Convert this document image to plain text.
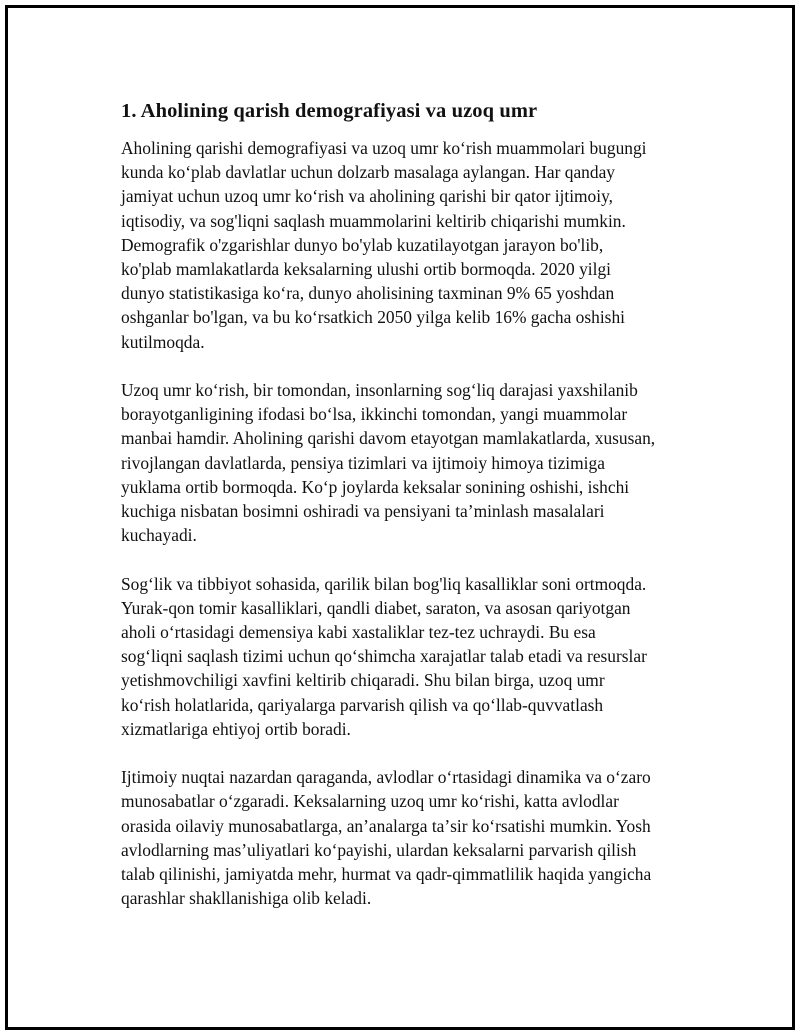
1. Aholining qarish demografiyasi va uzoq umr
Aholining qarishi demografiyasi va uzoq umr koʻrish muammolari bugungi
kunda koʻplab davlatlar uchun dolzarb masalaga aylangan. Har qanday
jamiyat uchun uzoq umr koʻrish va aholining qarishi bir qator ijtimoiy,
iqtisodiy, va sog'liqni saqlash muammolarini keltirib chiqarishi mumkin.
Demografik o'zgarishlar dunyo bo'ylab kuzatilayotgan jarayon bo'lib,
ko'plab mamlakatlarda keksalarning ulushi ortib bormoqda. 2020 yilgi
dunyo statistikasiga koʻra, dunyo aholisining taxminan 9% 65 yoshdan
oshganlar bo'lgan, va bu koʻrsatkich 2050 yilga kelib 16% gacha oshishi
kutilmoqda.
Uzoq umr koʻrish, bir tomondan, insonlarning sogʻliq darajasi yaxshilanib
borayotganligining ifodasi boʻlsa, ikkinchi tomondan, yangi muammolar
manbai hamdir. Aholining qarishi davom etayotgan mamlakatlarda, xususan,
rivojlangan davlatlarda, pensiya tizimlari va ijtimoiy himoya tizimiga
yuklama ortib bormoqda. Koʻp joylarda keksalar sonining oshishi, ishchi
kuchiga nisbatan bosimni oshiradi va pensiyani taʼminlash masalalari
kuchayadi.
Sogʻlik va tibbiyot sohasida, qarilik bilan bog'liq kasalliklar soni ortmoqda.
Yurak-qon tomir kasalliklari, qandli diabet, saraton, va asosan qariyotgan
aholi oʻrtasidagi demensiya kabi xastaliklar tez-tez uchraydi. Bu esa
sogʻliqni saqlash tizimi uchun qoʻshimcha xarajatlar talab etadi va resurslar
yetishmovchiligi xavfini keltirib chiqaradi. Shu bilan birga, uzoq umr
koʻrish holatlarida, qariyalarga parvarish qilish va qoʻllab-quvvatlash
xizmatlariga ehtiyoj ortib boradi.
Ijtimoiy nuqtai nazardan qaraganda, avlodlar oʻrtasidagi dinamika va oʻzaro
munosabatlar oʻzgaradi. Keksalarning uzoq umr koʻrishi, katta avlodlar
orasida oilaviy munosabatlarga, anʼanalarga taʼsir koʻrsatishi mumkin. Yosh
avlodlarning masʼuliyatlari koʻpayishi, ulardan keksalarni parvarish qilish
talab qilinishi, jamiyatda mehr, hurmat va qadr-qimmatlilik haqida yangicha
qarashlar shakllanishiga olib keladi.
